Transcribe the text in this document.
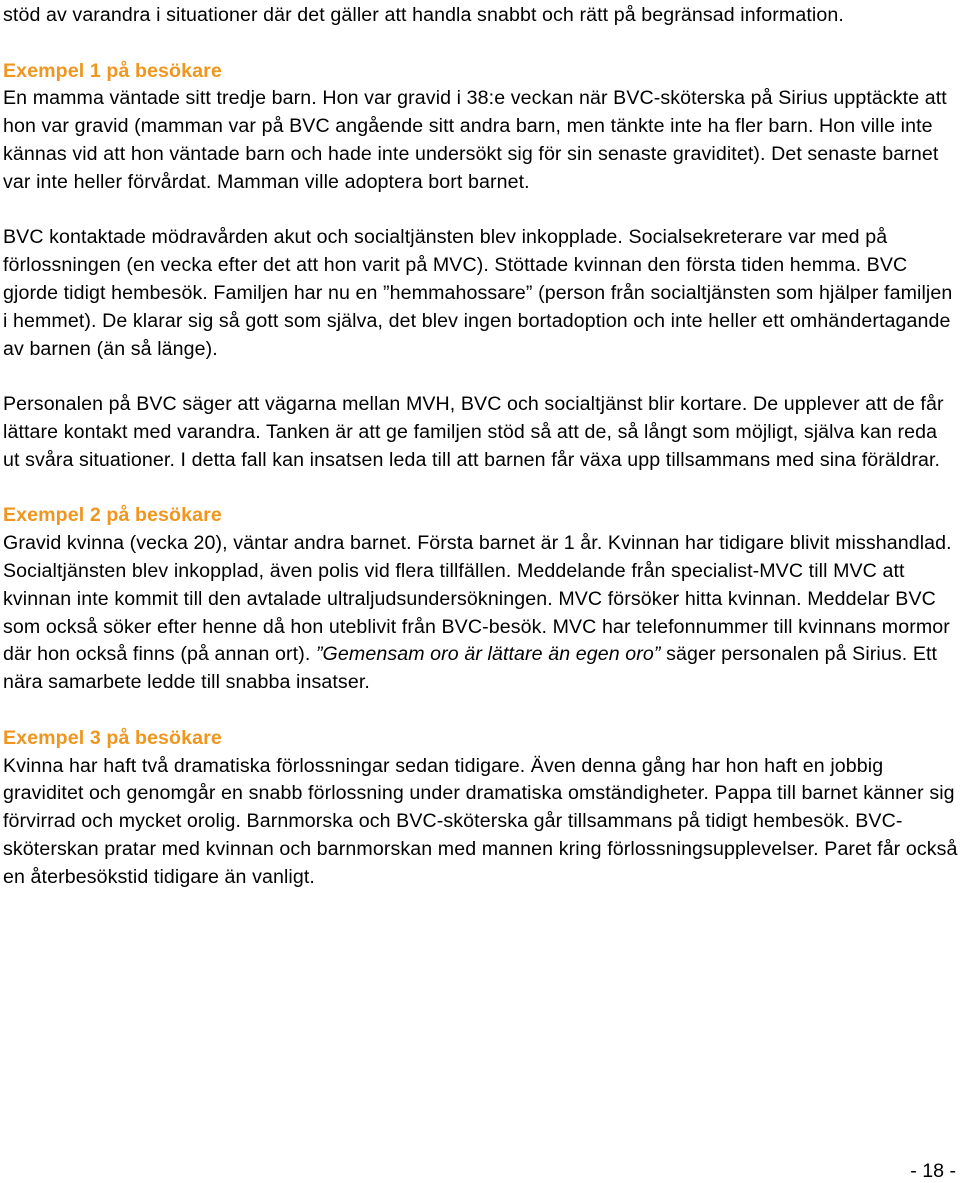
stöd av varandra i situationer där det gäller att handla snabbt och rätt på begränsad information.

Exempel 1 på besökare

En mamma väntade sitt tredje barn. Hon var gravid i 38:e veckan när BVC-sköterska på Sirius upptäckte att hon var gravid (mamman var på BVC angående sitt andra barn, men tänkte inte ha fler barn. Hon ville inte kännas vid att hon väntade barn och hade inte undersökt sig för sin senaste graviditet). Det senaste barnet var inte heller förvårdat. Mamman ville adoptera bort barnet.

BVC kontaktade mödravården akut och socialtjänsten blev inkopplade. Socialsekreterare var med på förlossningen (en vecka efter det att hon varit på MVC). Stöttade kvinnan den första tiden hemma. BVC gjorde tidigt hembesök. Familjen har nu en ”hemmahossare” (person från socialtjänsten som hjälper familjen i hemmet). De klarar sig så gott som själva, det blev ingen bortadoption och inte heller ett omhändertagande av barnen (än så länge).

Personalen på BVC säger att vägarna mellan MVH, BVC och socialtjänst blir kortare. De upplever att de får lättare kontakt med varandra. Tanken är att ge familjen stöd så att de, så långt som möjligt, själva kan reda ut svåra situationer. I detta fall kan insatsen leda till att barnen får växa upp tillsammans med sina föräldrar.

Exempel 2 på besökare

Gravid kvinna (vecka 20), väntar andra barnet. Första barnet är 1 år. Kvinnan har tidigare blivit misshandlad. Socialtjänsten blev inkopplad, även polis vid flera tillfällen. Meddelande från specialist-MVC till MVC att kvinnan inte kommit till den avtalade ultraljudsundersökningen. MVC försöker hitta kvinnan. Meddelar BVC som också söker efter henne då hon uteblivit från BVC-besök. MVC har telefonnummer till kvinnans mormor där hon också finns (på annan ort). ”Gemensam oro är lättare än egen oro” säger personalen på Sirius. Ett nära samarbete ledde till snabba insatser.

Exempel 3 på besökare

Kvinna har haft två dramatiska förlossningar sedan tidigare. Även denna gång har hon haft en jobbig graviditet och genomgår en snabb förlossning under dramatiska omständigheter. Pappa till barnet känner sig förvirrad och mycket orolig. Barnmorska och BVC-sköterska går tillsammans på tidigt hembesök. BVC-sköterskan pratar med kvinnan och barnmorskan med mannen kring förlossningsupplevelser. Paret får också en återbesökstid tidigare än vanligt.

- 18 -
